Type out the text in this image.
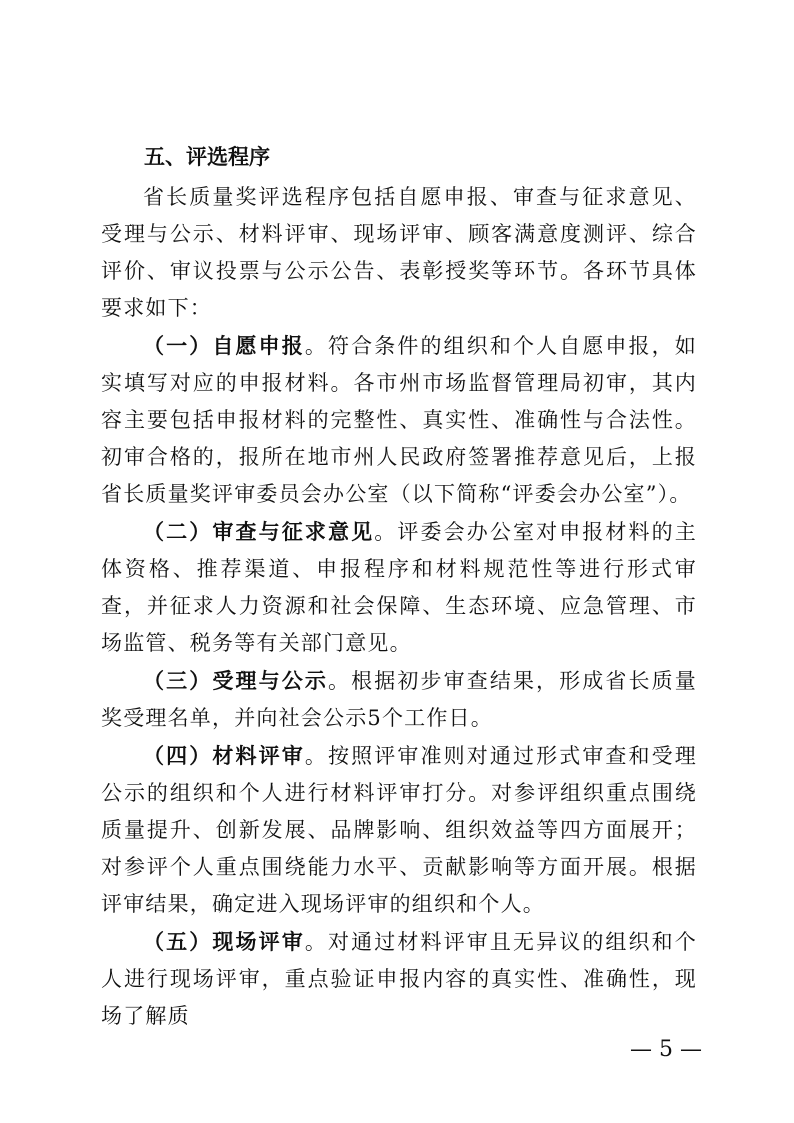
五、评选程序

省长质量奖评选程序包括自愿申报、审查与征求意见、受理与公示、材料评审、现场评审、顾客满意度测评、综合评价、审议投票与公示公告、表彰授奖等环节。各环节具体要求如下：

（一）自愿申报。符合条件的组织和个人自愿申报，如实填写对应的申报材料。各市州市场监督管理局初审，其内容主要包括申报材料的完整性、真实性、准确性与合法性。初审合格的，报所在地市州人民政府签署推荐意见后，上报省长质量奖评审委员会办公室（以下简称“评委会办公室”）。

（二）审查与征求意见。评委会办公室对申报材料的主体资格、推荐渠道、申报程序和材料规范性等进行形式审查，并征求人力资源和社会保障、生态环境、应急管理、市场监管、税务等有关部门意见。

（三）受理与公示。根据初步审查结果，形成省长质量奖受理名单，并向社会公示5个工作日。

（四）材料评审。按照评审准则对通过形式审查和受理公示的组织和个人进行材料评审打分。对参评组织重点围绕质量提升、创新发展、品牌影响、组织效益等四方面展开；对参评个人重点围绕能力水平、贡献影响等方面开展。根据评审结果，确定进入现场评审的组织和个人。

（五）现场评审。对通过材料评审且无异议的组织和个人进行现场评审，重点验证申报内容的真实性、准确性，现场了解质

— 5 —
